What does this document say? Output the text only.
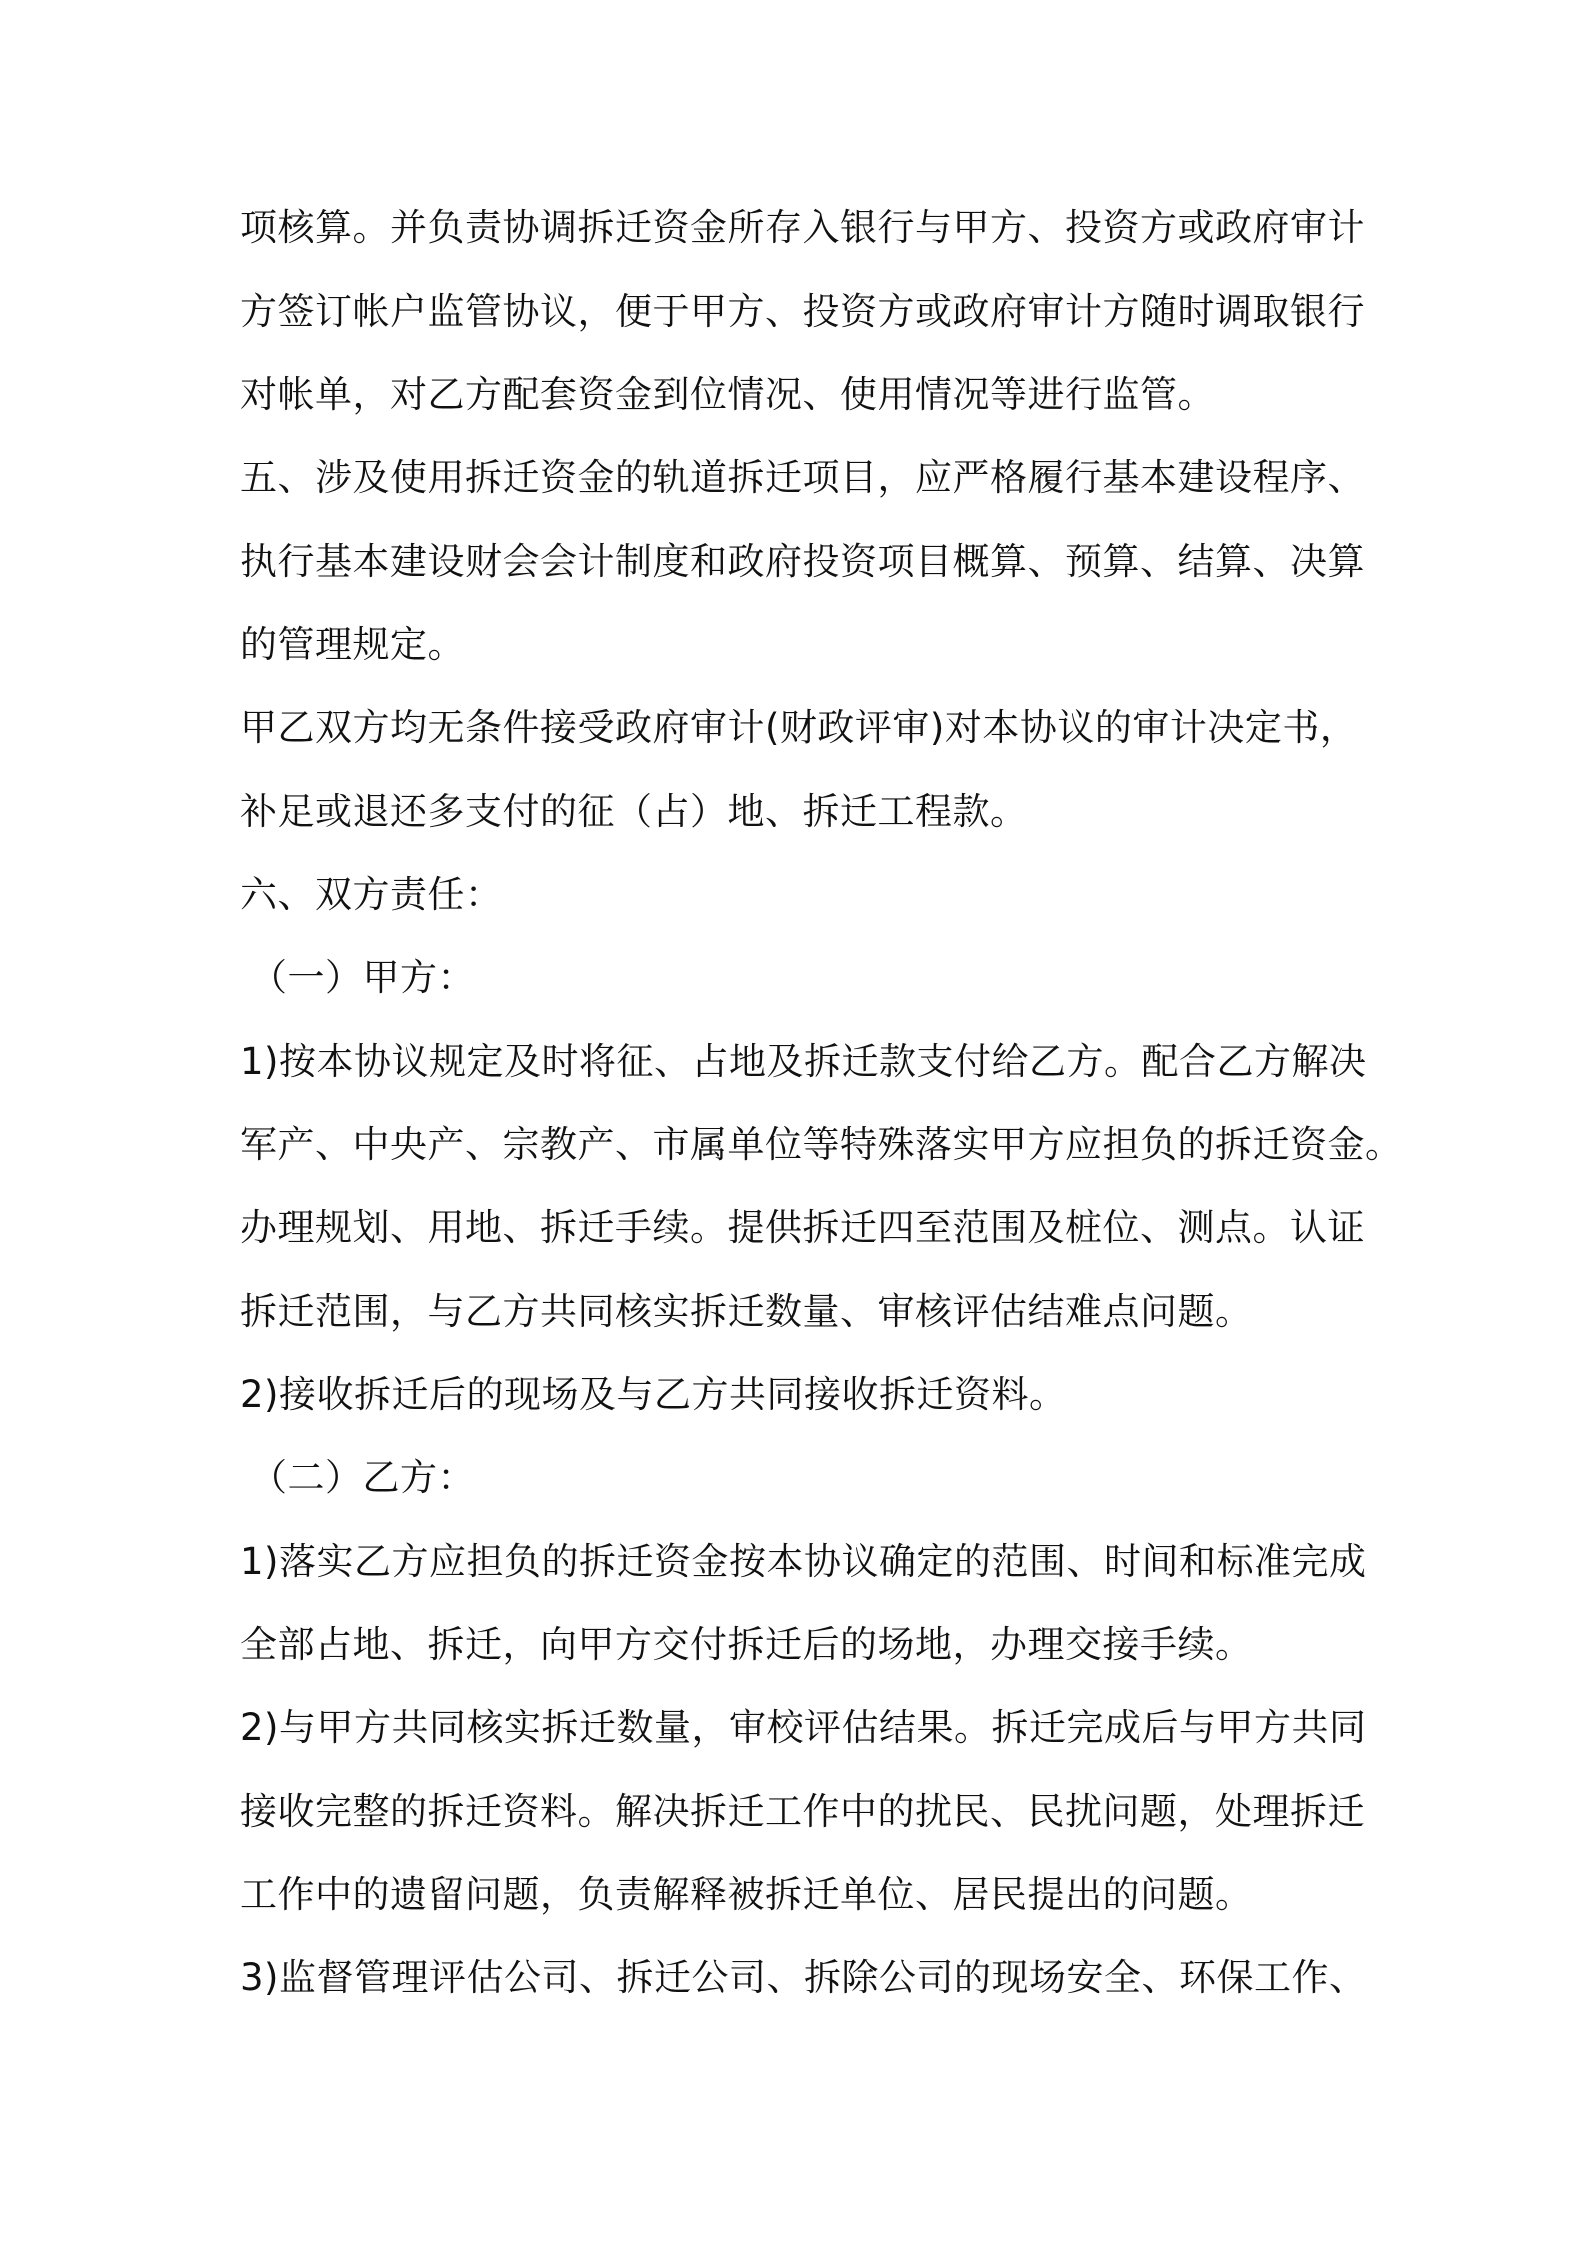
项核算。并负责协调拆迁资金所存入银行与甲方、投资方或政府审计
方签订帐户监管协议，便于甲方、投资方或政府审计方随时调取银行
对帐单，对乙方配套资金到位情况、使用情况等进行监管。
五、涉及使用拆迁资金的轨道拆迁项目，应严格履行基本建设程序、
执行基本建设财会会计制度和政府投资项目概算、预算、结算、决算
的管理规定。
甲乙双方均无条件接受政府审计(财政评审)对本协议的审计决定书，
补足或退还多支付的征（占）地、拆迁工程款。
六、双方责任：
（一）甲方：
1)按本协议规定及时将征、占地及拆迁款支付给乙方。配合乙方解决
军产、中央产、宗教产、市属单位等特殊落实甲方应担负的拆迁资金。
办理规划、用地、拆迁手续。提供拆迁四至范围及桩位、测点。认证
拆迁范围，与乙方共同核实拆迁数量、审核评估结难点问题。
2)接收拆迁后的现场及与乙方共同接收拆迁资料。
（二）乙方：
1)落实乙方应担负的拆迁资金按本协议确定的范围、时间和标准完成
全部占地、拆迁，向甲方交付拆迁后的场地，办理交接手续。
2)与甲方共同核实拆迁数量，审校评估结果。拆迁完成后与甲方共同
接收完整的拆迁资料。解决拆迁工作中的扰民、民扰问题，处理拆迁
工作中的遗留问题，负责解释被拆迁单位、居民提出的问题。
3)监督管理评估公司、拆迁公司、拆除公司的现场安全、环保工作、
